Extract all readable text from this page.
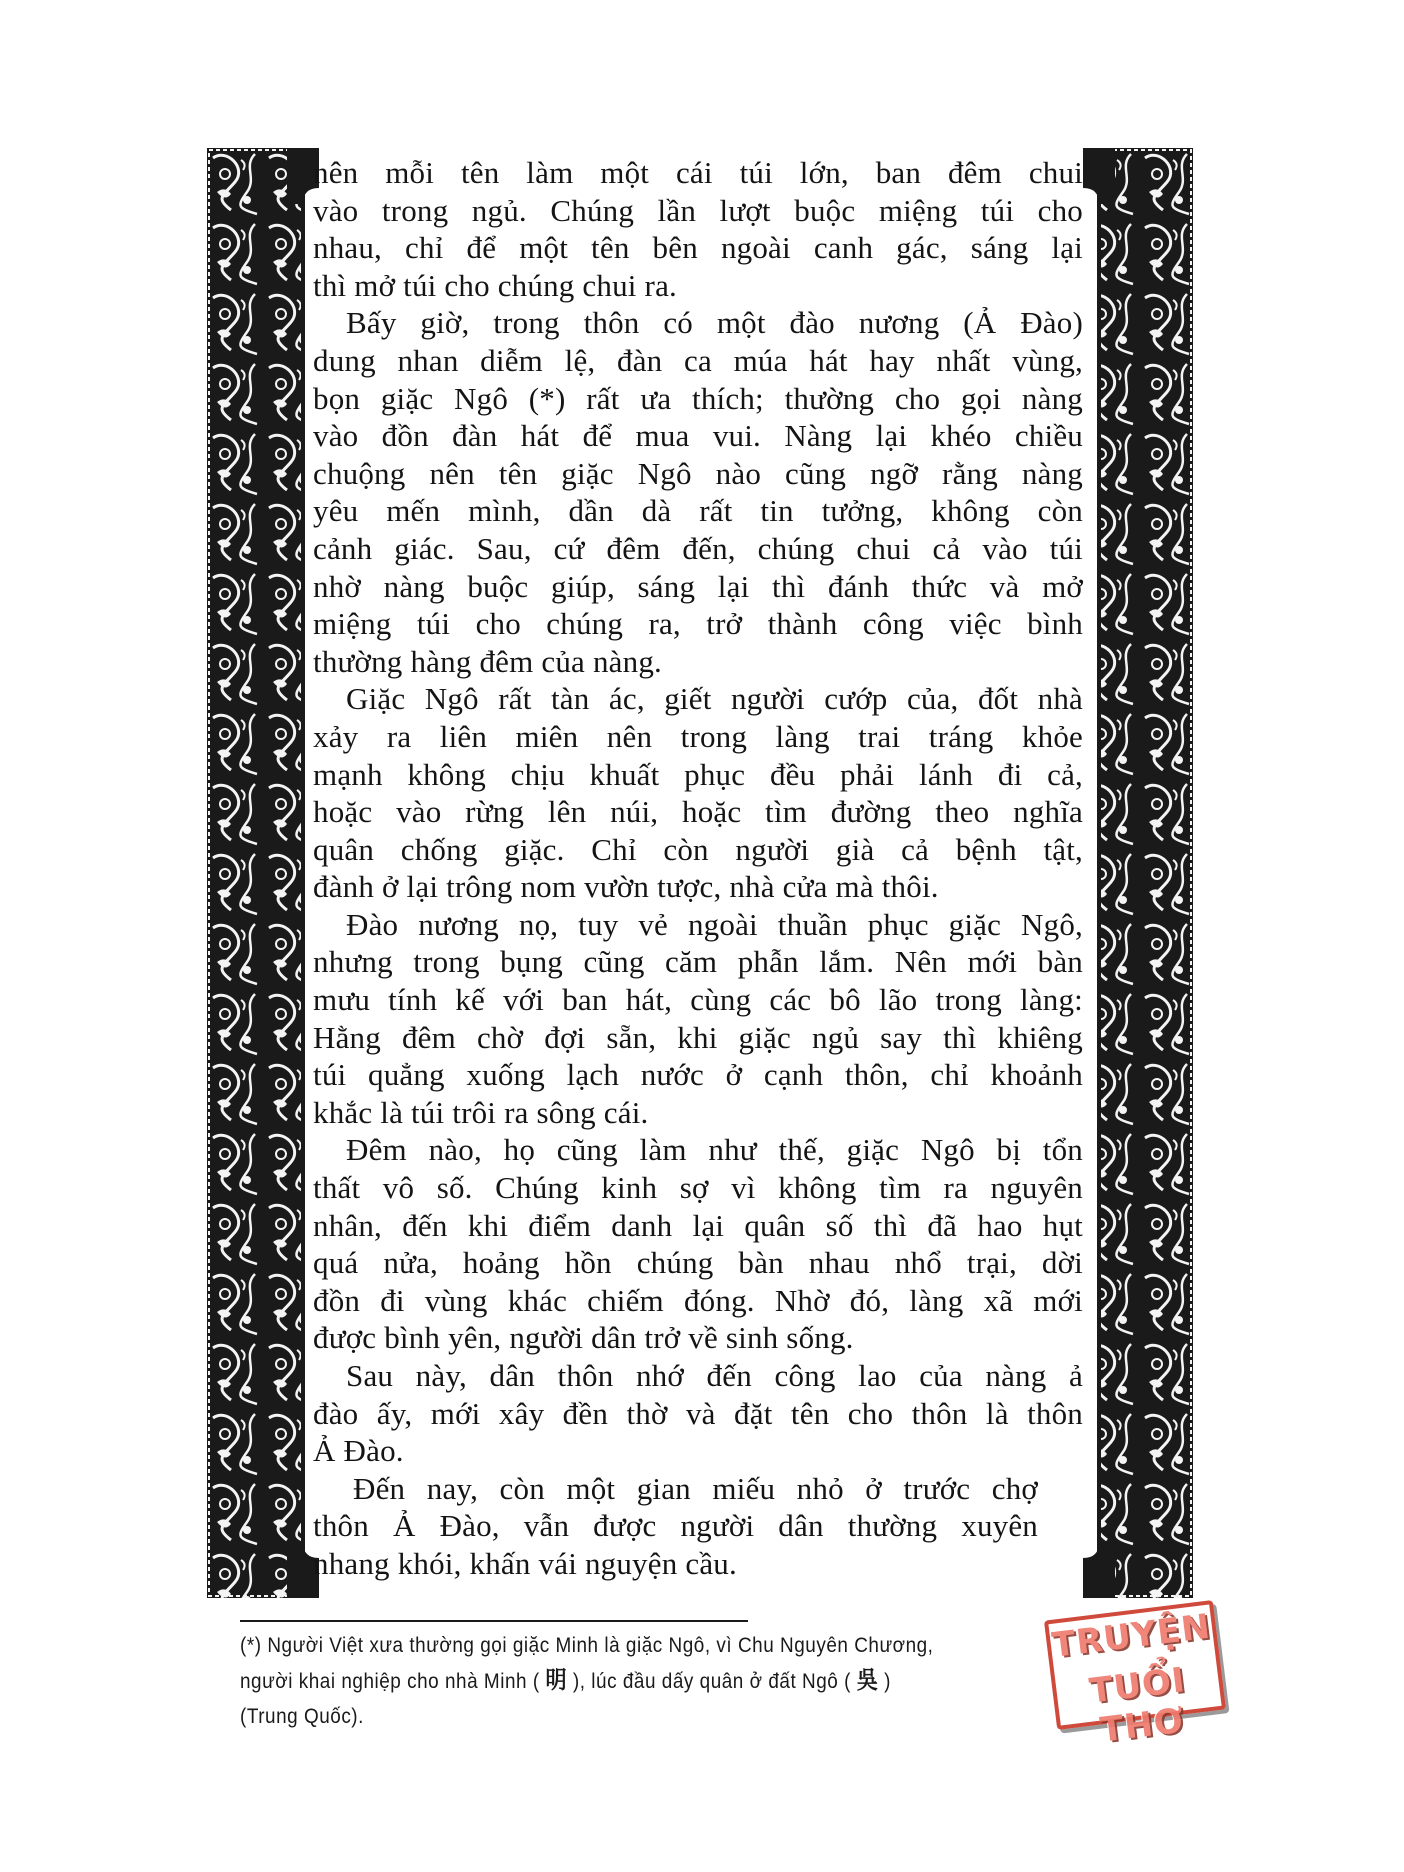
nên mỗi tên làm một cái túi lớn, ban đêm chui
vào trong ngủ. Chúng lần lượt buộc miệng túi cho
nhau, chỉ để một tên bên ngoài canh gác, sáng lại
thì mở túi cho chúng chui ra.
Bấy giờ, trong thôn có một đào nương (Ả Đào)
dung nhan diễm lệ, đàn ca múa hát hay nhất vùng,
bọn giặc Ngô (*) rất ưa thích; thường cho gọi nàng
vào đồn đàn hát để mua vui. Nàng lại khéo chiều
chuộng nên tên giặc Ngô nào cũng ngỡ rằng nàng
yêu mến mình, dần dà rất tin tưởng, không còn
cảnh giác. Sau, cứ đêm đến, chúng chui cả vào túi
nhờ nàng buộc giúp, sáng lại thì đánh thức và mở
miệng túi cho chúng ra, trở thành công việc bình
thường hàng đêm của nàng.
Giặc Ngô rất tàn ác, giết người cướp của, đốt nhà
xảy ra liên miên nên trong làng trai tráng khỏe
mạnh không chịu khuất phục đều phải lánh đi cả,
hoặc vào rừng lên núi, hoặc tìm đường theo nghĩa
quân chống giặc. Chỉ còn người già cả bệnh tật,
đành ở lại trông nom vườn tược, nhà cửa mà thôi.
Đào nương nọ, tuy vẻ ngoài thuần phục giặc Ngô,
nhưng trong bụng cũng căm phẫn lắm. Nên mới bàn
mưu tính kế với ban hát, cùng các bô lão trong làng:
Hằng đêm chờ đợi sẵn, khi giặc ngủ say thì khiêng
túi quẳng xuống lạch nước ở cạnh thôn, chỉ khoảnh
khắc là túi trôi ra sông cái.
Đêm nào, họ cũng làm như thế, giặc Ngô bị tổn
thất vô số. Chúng kinh sợ vì không tìm ra nguyên
nhân, đến khi điểm danh lại quân số thì đã hao hụt
quá nửa, hoảng hồn chúng bàn nhau nhổ trại, dời
đồn đi vùng khác chiếm đóng. Nhờ đó, làng xã mới
được bình yên, người dân trở về sinh sống.
Sau này, dân thôn nhớ đến công lao của nàng ả
đào ấy, mới xây đền thờ và đặt tên cho thôn là thôn
Ả Đào.
Đến nay, còn một gian miếu nhỏ ở trước chợ
thôn Ả Đào, vẫn được người dân thường xuyên
nhang khói, khấn vái nguyện cầu.
(*) Người Việt xưa thường gọi giặc Minh là giặc Ngô, vì Chu Nguyên Chương,
người khai nghiệp cho nhà Minh ( 明 ), lúc đầu dấy quân ở đất Ngô ( 吳 )
(Trung Quốc).
TRUYỆN
TUỔI THƠ
